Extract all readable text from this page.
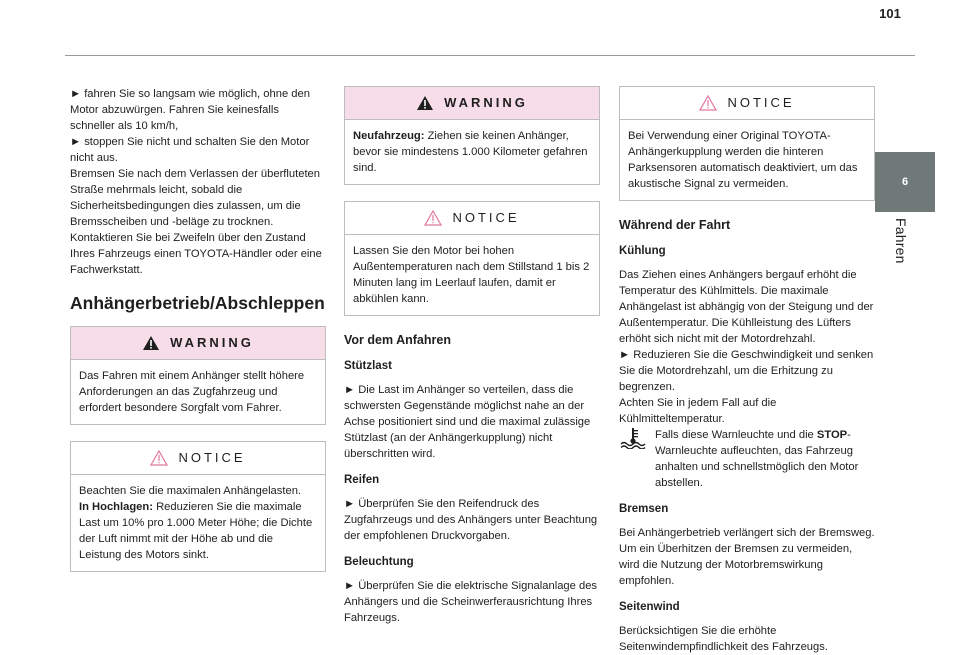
101
6
Fahren

► fahren Sie so langsam wie möglich, ohne den Motor abzuwürgen. Fahren Sie keinesfalls schneller als 10 km/h,

► stoppen Sie nicht und schalten Sie den Motor nicht aus.

Bremsen Sie nach dem Verlassen der überfluteten Straße mehrmals leicht, sobald die Sicherheitsbedingungen dies zulassen, um die Bremsscheiben und -beläge zu trocknen.

Kontaktieren Sie bei Zweifeln über den Zustand Ihres Fahrzeugs einen TOYOTA-Händler oder eine Fachwerkstatt.

Anhängerbetrieb/Abschleppen
WARNING
Das Fahren mit einem Anhänger stellt höhere Anforderungen an das Zugfahrzeug und erfordert besondere Sorgfalt vom Fahrer.
NOTICE

Beachten Sie die maximalen Anhängelasten.

In Hochlagen: Reduzieren Sie die maximale Last um 10% pro 1.000 Meter Höhe; die Dichte der Luft nimmt mit der Höhe ab und die Leistung des Motors sinkt.

WARNING
Neufahrzeug: Ziehen sie keinen Anhänger, bevor sie mindestens 1.000 Kilometer gefahren sind.
NOTICE
Lassen Sie den Motor bei hohen Außentemperaturen nach dem Stillstand 1 bis 2 Minuten lang im Leerlauf laufen, damit er abkühlen kann.
Vor dem Anfahren
Stützlast

► Die Last im Anhänger so verteilen, dass die schwersten Gegenstände möglichst nahe an der Achse positioniert sind und die maximal zulässige Stützlast (an der Anhängerkupplung) nicht überschritten wird.

Reifen

► Überprüfen Sie den Reifendruck des Zugfahrzeugs und des Anhängers unter Beachtung der empfohlenen Druckvorgaben.

Beleuchtung

► Überprüfen Sie die elektrische Signalanlage des Anhängers und die Scheinwerferausrichtung Ihres Fahrzeugs.

NOTICE
Bei Verwendung einer Original TOYOTA-Anhängerkupplung werden die hinteren Parksensoren automatisch deaktiviert, um das akustische Signal zu vermeiden.
Während der Fahrt
Kühlung

Das Ziehen eines Anhängers bergauf erhöht die Temperatur des Kühlmittels. Die maximale Anhängelast ist abhängig von der Steigung und der Außentemperatur. Die Kühlleistung des Lüfters erhöht sich nicht mit der Motordrehzahl.

► Reduzieren Sie die Geschwindigkeit und senken Sie die Motordrehzahl, um die Erhitzung zu begrenzen.

Achten Sie in jedem Fall auf die Kühlmitteltemperatur.

Falls diese Warnleuchte und die STOP-Warnleuchte aufleuchten, das Fahrzeug anhalten und schnellstmöglich den Motor abstellen.

Bremsen

Bei Anhängerbetrieb verlängert sich der Bremsweg. Um ein Überhitzen der Bremsen zu vermeiden, wird die Nutzung der Motorbremswirkung empfohlen.

Seitenwind

Berücksichtigen Sie die erhöhte Seitenwindempfindlichkeit des Fahrzeugs.
